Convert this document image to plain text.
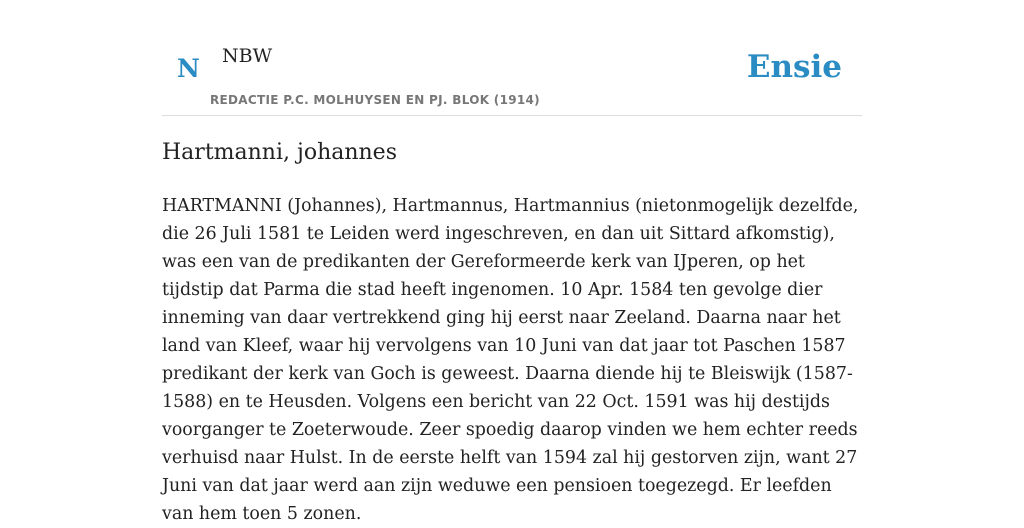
N NBW
REDACTIE P.C. MOLHUYSEN EN PJ. BLOK (1914)
Ensie
Hartmanni, johannes

HARTMANNI (Johannes), Hartmannus, Hartmannius (nietonmogelijk dezelfde, die 26 Juli 1581 te Leiden werd ingeschreven, en dan uit Sittard afkomstig), was een van de predikanten der Gereformeerde kerk van IJperen, op het tijdstip dat Parma die stad heeft ingenomen. 10 Apr. 1584 ten gevolge dier inneming van daar vertrekkend ging hij eerst naar Zeeland. Daarna naar het land van Kleef, waar hij vervolgens van 10 Juni van dat jaar tot Paschen 1587 predikant der kerk van Goch is geweest. Daarna diende hij te Bleiswijk (1587-1588) en te Heusden. Volgens een bericht van 22 Oct. 1591 was hij destijds voorganger te Zoeterwoude. Zeer spoedig daarop vinden we hem echter reeds verhuisd naar Hulst. In de eerste helft van 1594 zal hij gestorven zijn, want 27 Juni van dat jaar werd aan zijn weduwe een pensioen toegezegd. Er leefden van hem toen 5 zonen.
